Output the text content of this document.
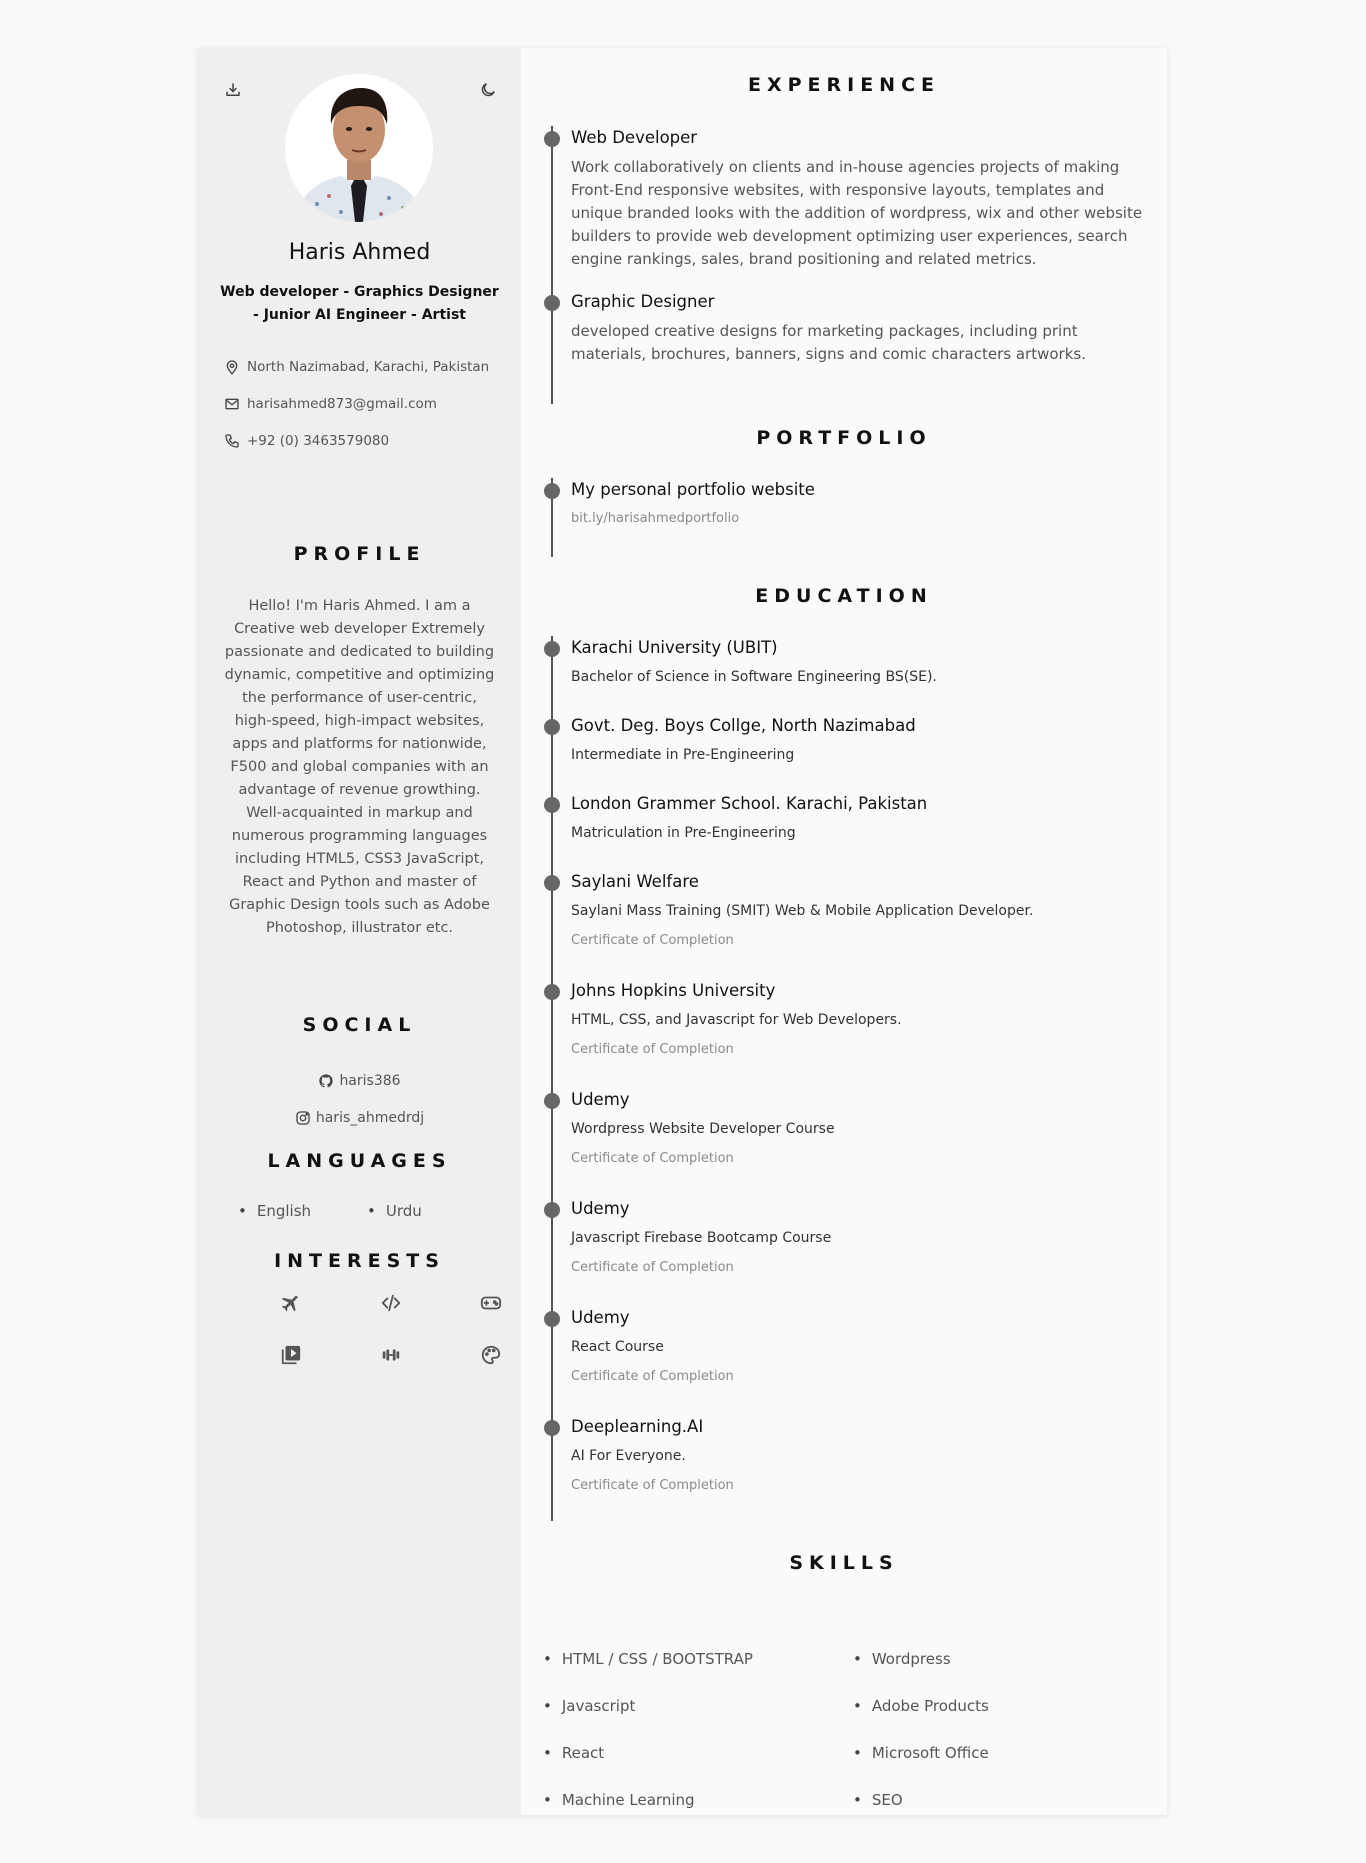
Haris Ahmed
Web developer - Graphics Designer - Junior AI Engineer - Artist
North Nazimabad, Karachi, Pakistan
harisahmed873@gmail.com
+92 (0) 3463579080
PROFILE
Hello! I'm Haris Ahmed. I am a Creative web developer Extremely passionate and dedicated to building dynamic, competitive and optimizing the performance of user-centric, high-speed, high-impact websites, apps and platforms for nationwide, F500 and global companies with an advantage of revenue growthing. Well-acquainted in markup and numerous programming languages including HTML5, CSS3 JavaScript, React and Python and master of Graphic Design tools such as Adobe Photoshop, illustrator etc.
SOCIAL
haris386
haris_ahmedrdj
LANGUAGES
• English	• Urdu
INTERESTS
EXPERIENCE
Web Developer
Work collaboratively on clients and in-house agencies projects of making Front-End responsive websites, with responsive layouts, templates and unique branded looks with the addition of wordpress, wix and other website builders to provide web development optimizing user experiences, search engine rankings, sales, brand positioning and related metrics.
Graphic Designer
developed creative designs for marketing packages, including print materials, brochures, banners, signs and comic characters artworks.
PORTFOLIO
My personal portfolio website
bit.ly/harisahmedportfolio
EDUCATION
Karachi University (UBIT)
Bachelor of Science in Software Engineering BS(SE).
Govt. Deg. Boys Collge, North Nazimabad
Intermediate in Pre-Engineering
London Grammer School. Karachi, Pakistan
Matriculation in Pre-Engineering
Saylani Welfare
Saylani Mass Training (SMIT) Web & Mobile Application Developer.
Certificate of Completion
Johns Hopkins University
HTML, CSS, and Javascript for Web Developers.
Certificate of Completion
Udemy
Wordpress Website Developer Course
Certificate of Completion
Udemy
Javascript Firebase Bootcamp Course
Certificate of Completion
Udemy
React Course
Certificate of Completion
Deeplearning.AI
AI For Everyone.
Certificate of Completion
SKILLS
• HTML / CSS / BOOTSTRAP	• Wordpress
• Javascript	• Adobe Products
• React	• Microsoft Office
• Machine Learning	• SEO
